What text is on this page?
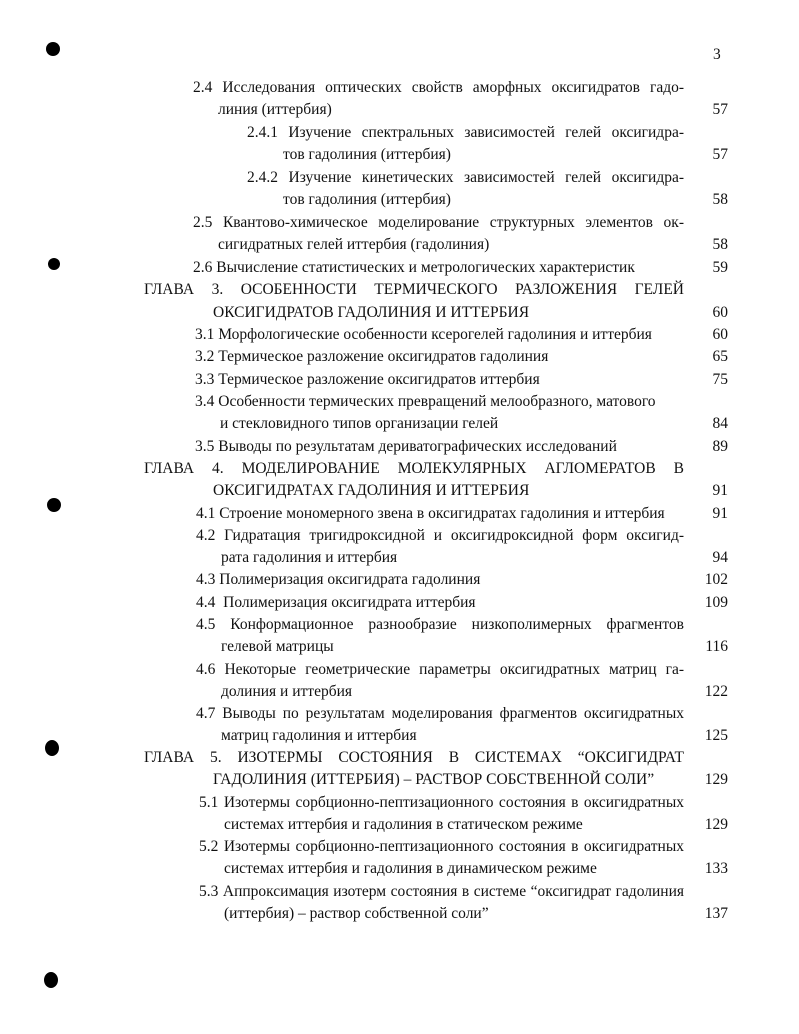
3
2.4 Исследования оптических свойств аморфных оксигидратов гадо-
линия (иттербия)	57
2.4.1 Изучение спектральных зависимостей гелей оксигидра-
тов гадолиния (иттербия)	57
2.4.2 Изучение кинетических зависимостей гелей оксигидра-
тов гадолиния (иттербия)	58
2.5 Квантово-химическое моделирование структурных элементов ок-
сигидратных гелей иттербия (гадолиния)	58
2.6 Вычисление статистических и метрологических характеристик	59
ГЛАВА 3. ОСОБЕННОСТИ ТЕРМИЧЕСКОГО РАЗЛОЖЕНИЯ ГЕЛЕЙ
ОКСИГИДРАТОВ ГАДОЛИНИЯ И ИТТЕРБИЯ	60
3.1 Морфологические особенности ксерогелей гадолиния и иттербия	60
3.2 Термическое разложение оксигидратов гадолиния	65
3.3 Термическое разложение оксигидратов иттербия	75
3.4 Особенности термических превращений мелообразного, матового
и стекловидного типов организации гелей	84
3.5 Выводы по результатам дериватографических исследований	89
ГЛАВА 4. МОДЕЛИРОВАНИЕ МОЛЕКУЛЯРНЫХ АГЛОМЕРАТОВ В
ОКСИГИДРАТАХ ГАДОЛИНИЯ И ИТТЕРБИЯ	91
4.1 Строение мономерного звена в оксигидратах гадолиния и иттербия	91
4.2 Гидратация тригидроксидной и оксигидроксидной форм оксигид-
рата гадолиния и иттербия	94
4.3 Полимеризация оксигидрата гадолиния	102
4.4  Полимеризация оксигидрата иттербия	109
4.5 Конформационное разнообразие низкополимерных фрагментов
гелевой матрицы	116
4.6 Некоторые геометрические параметры оксигидратных матриц га-
долиния и иттербия	122
4.7 Выводы по результатам моделирования фрагментов оксигидратных
матриц гадолиния и иттербия	125
ГЛАВА 5. ИЗОТЕРМЫ СОСТОЯНИЯ В СИСТЕМАХ “ОКСИГИДРАТ
ГАДОЛИНИЯ (ИТТЕРБИЯ) – РАСТВОР СОБСТВЕННОЙ СОЛИ”	129
5.1 Изотермы сорбционно-пептизационного состояния в оксигидратных
системах иттербия и гадолиния в статическом режиме	129
5.2 Изотермы сорбционно-пептизационного состояния в оксигидратных
системах иттербия и гадолиния в динамическом режиме	133
5.3 Аппроксимация изотерм состояния в системе “оксигидрат гадолиния
(иттербия) – раствор собственной соли”	137
